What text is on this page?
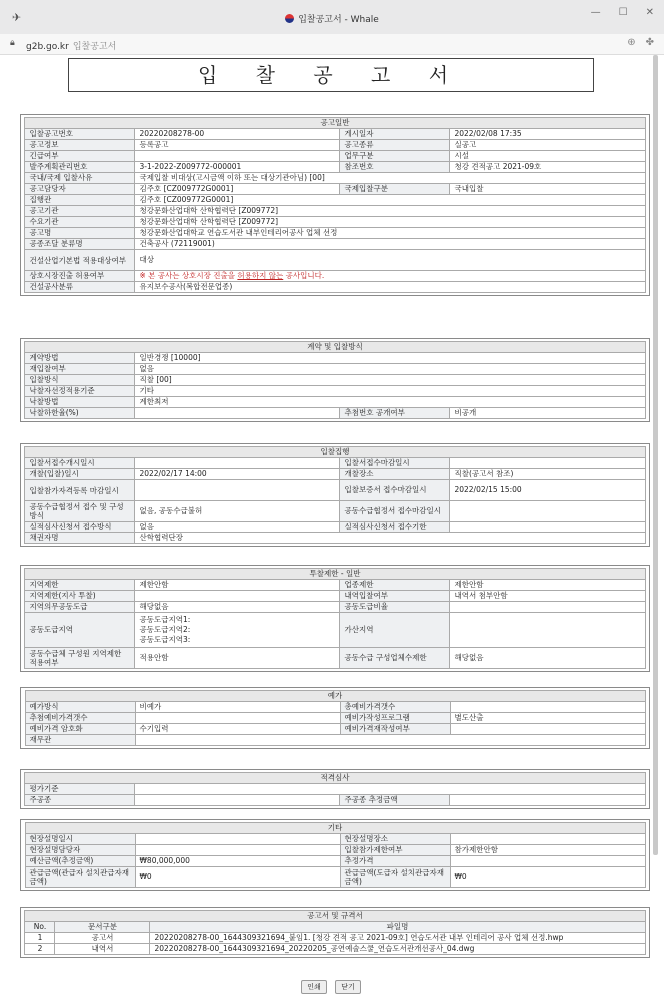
✈	입찰공고서 - Whale
— ☐ ✕
🔒︎ g2b.go.kr 입찰공고서	⊕ ✤
입 찰 공 고 서
공고일반			
입찰공고번호	20220208278-00	게시일자	2022/02/08 17:35
공고정보	등록공고	공고종류	실공고
긴급여부		업무구분	시설
발주계획관리번호	3-1-2022-Z009772-000001	참조번호	청강 견적공고 2021-09호
국내/국제 입찰사유	국제입찰 비대상(고시금액 이하 또는 대상기관아님) [00]		
공고담당자	김주호 [CZ009772G0001]	국제입찰구분	국내입찰
집행관	김주호 [CZ009772G0001]		
공고기관	청강문화산업대학 산학협력단 [Z009772]		
수요기관	청강문화산업대학 산학협력단 [Z009772]		
공고명	청강문화산업대학교 연습도서관 내부인테리어공사 업체 선정		
공종조달 분류명	건축공사 (72119001)		
건설산업기본법 적용대상여부	대상		
상호시장진출 허용여부	※ 본 공사는 상호시장 진출을 허용하지 않는 공사입니다.		
건설공사분류	유지보수공사(복합전문업종)		
계약 및 입찰방식			
계약방법	일반경쟁 [10000]		
재입찰여부	없음		
입찰방식	직찰 [00]		
낙찰자선정적용기준	기타		
낙찰방법	계한최저		
낙찰하한율(%)		추첨번호 공개여부	비공개
입찰집행			
입찰서접수개시일시		입찰서접수마감일시	
개찰(입찰)일시	2022/02/17 14:00	개찰장소	직찰(공고서 참조)
입찰참가자격등록 마감일시		입찰보증서 접수마감일시	2022/02/15 15:00
공동수급협정서 접수 및 구성방식	없음, 공동수급불허	공동수급협정서 접수마감일시	
실적심사신청서 접수방식	없음	실적심사신청서 접수기한	
채권자명	산학협력단장		
투찰제한 - 일반			
지역제한	제한안함	업종제한	제한안함
지역제한(지사 투찰)		내역입찰여부	내역서 첨부안함
지역의무공동도급	해당없음	공동도급비율	
공동도급지역	공동도급지역1:
공동도급지역2:
공동도급지역3:	가산지역	
공동수급체 구성원 지역제한 적용여부	적용안함	공동수급 구성업체수제한	해당없음
예가			
예가방식	비예가	총예비가격갯수	
추첨예비가격갯수		예비가작성프로그램	별도산출
예비가격 암호화	수기입력	예비가격재작성여부	
재무관			
적격심사			
평가기준			
주공종		주공종 추정금액	
기타			
현장설명일시		현장설명장소	
현장설명담당자		입찰참가제한여부	참가제한안함
예산금액(추정금액)	₩80,000,000	추정가격	
관급금액(관급자 설치관급자재금액)	₩0	관급금액(도급자 설치관급자재금액)	₩0
공고서 및 규격서		
No.	문서구분	파일명
1	공고서	20220208278-00_1644309321694_붙임1. [청강 견적 공고 2021-09호] 연습도서관 내부 인테리어 공사 업체 선정.hwp
2	내역서	20220208278-00_1644309321694_20220205_공연예술스쿨_연습도서관개선공사_04.dwg
인쇄	닫기
